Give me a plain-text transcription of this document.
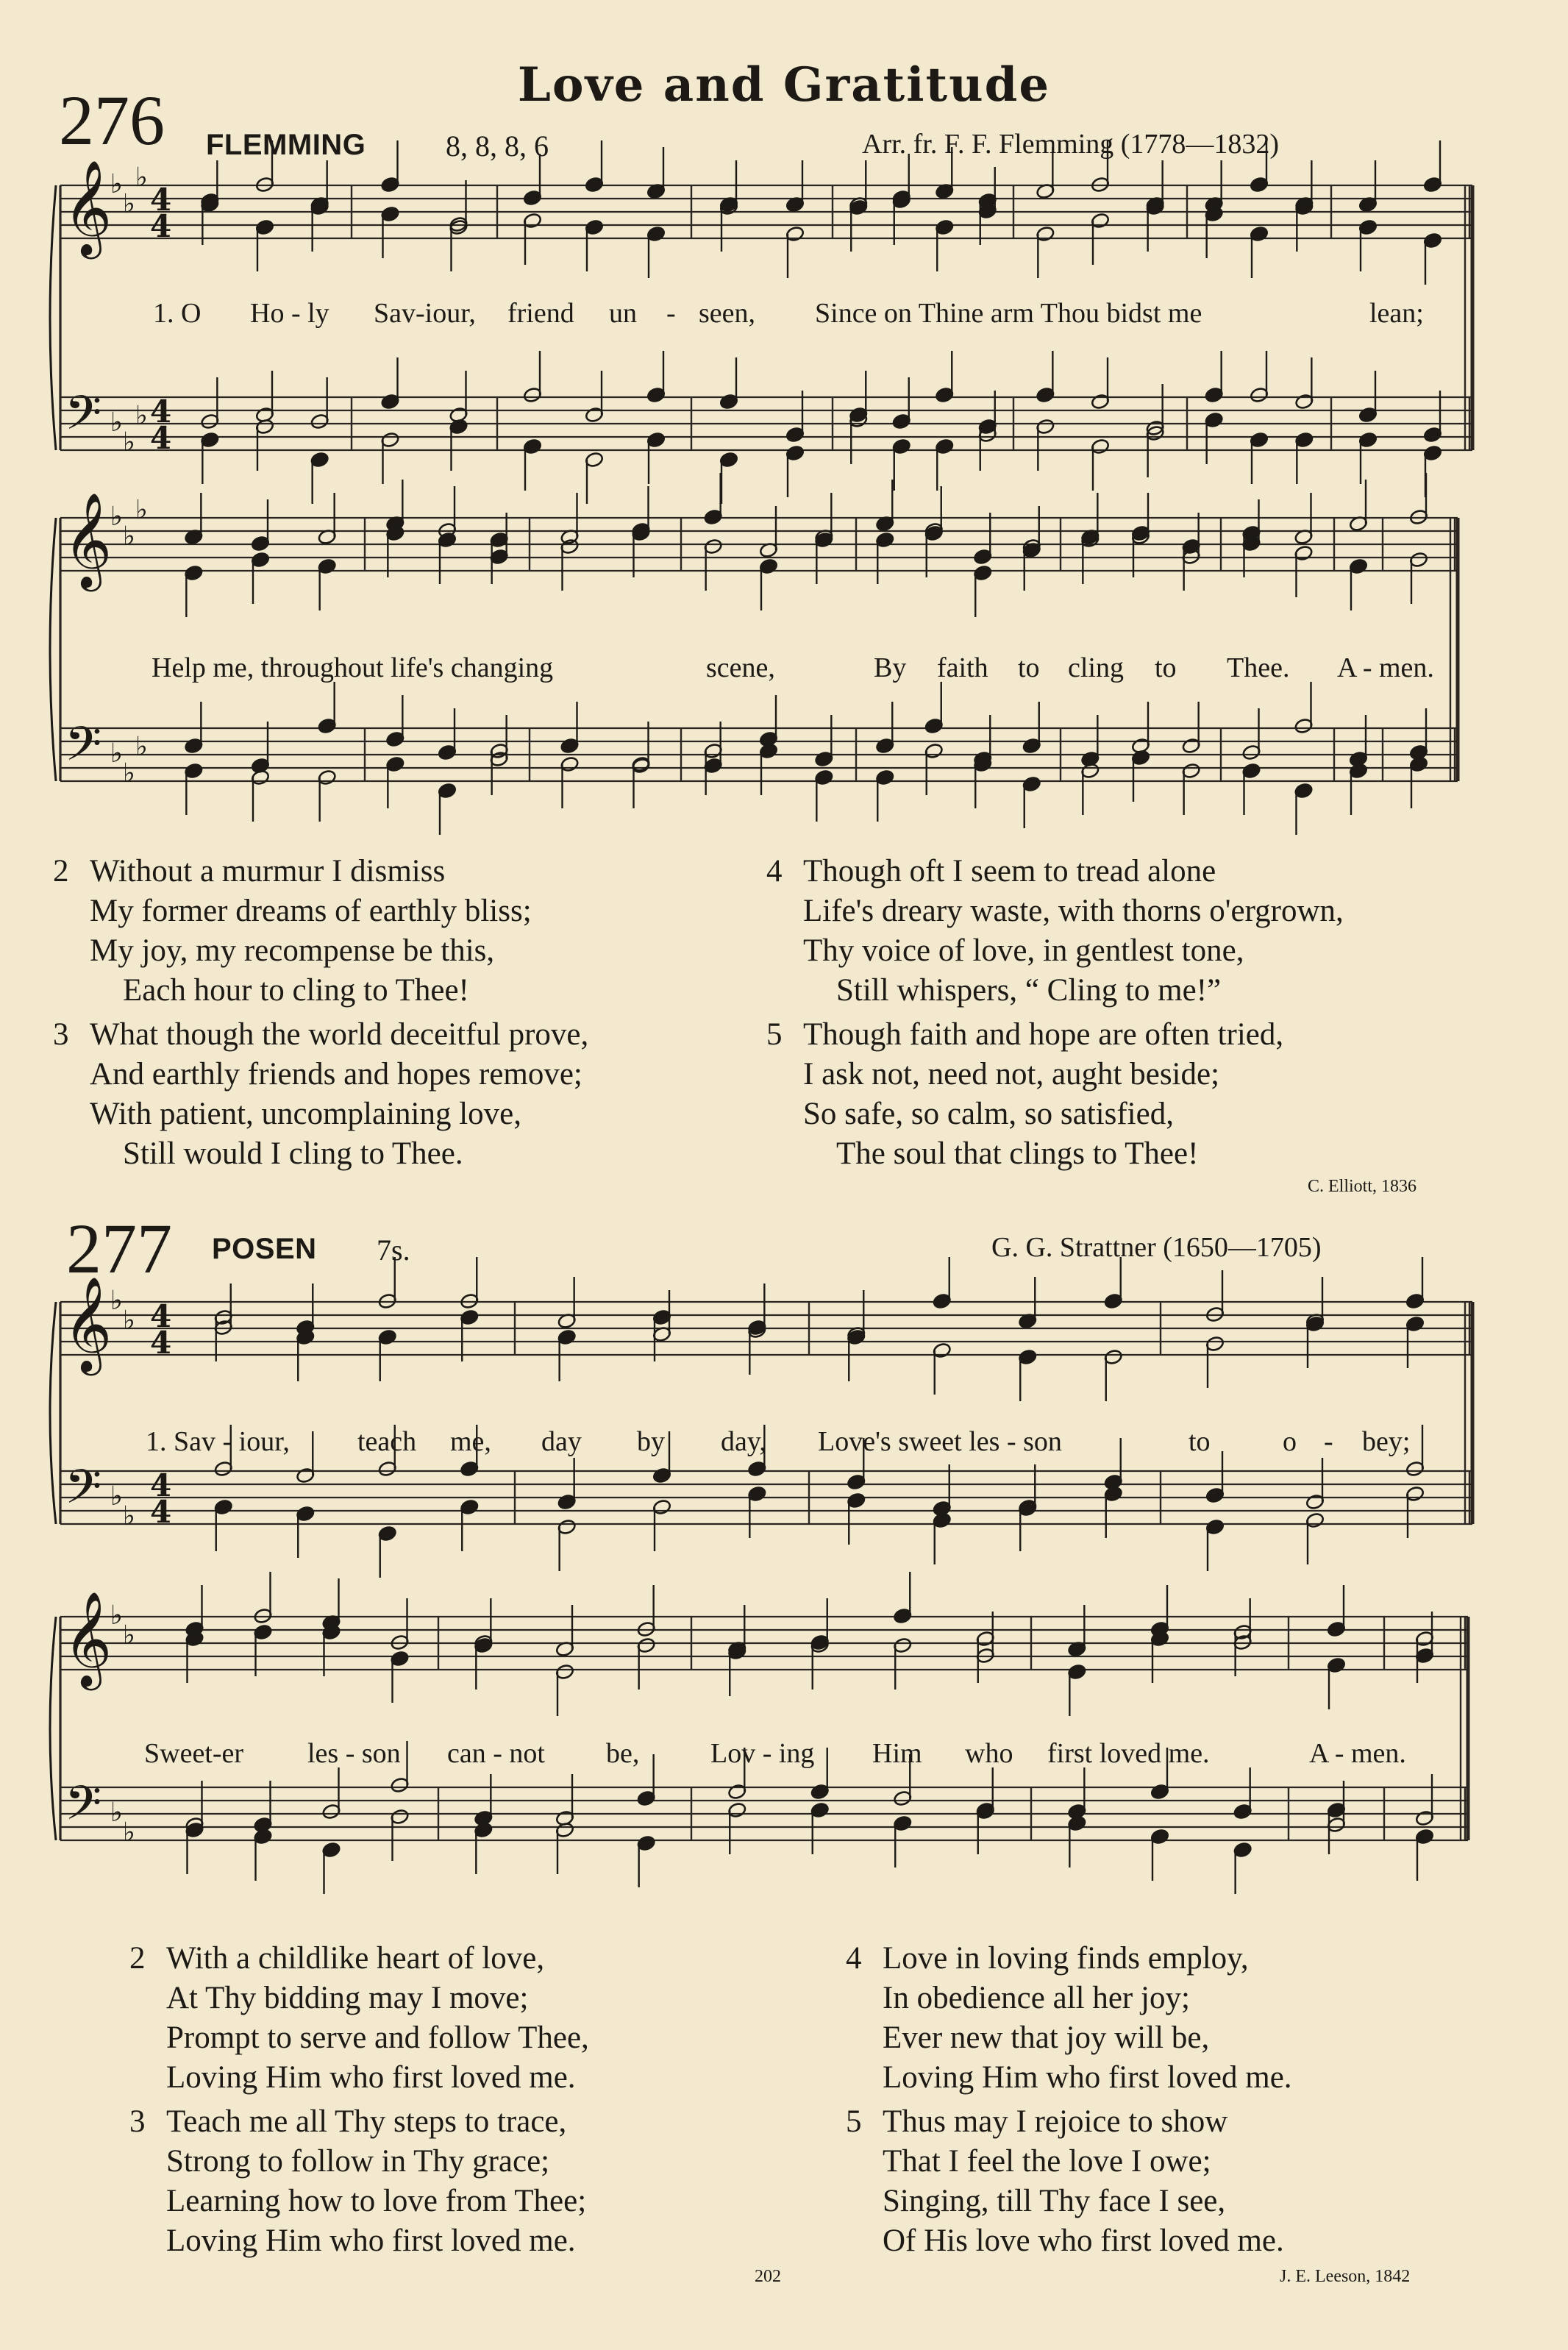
Love and Gratitude
276 FLEMMING	8, 8, 8, 6	Arr. fr. F. F. Flemming (1778—1832)
𝄞
𝄢
♭
♭
♭
♭
♭
♭
4
4
4
4
𝄞
𝄢
♭
♭
♭
♭
♭
♭
𝄞
𝄢
♭
♭
♭
♭
4
4
4
4
𝄞
𝄢
♭
♭
♭
♭
1. O Ho - ly Sav-iour, friend un - seen, Since on Thine arm Thou bidst me	lean;
Help me, throughout life's changing	scene,	By faith to cling to Thee. A - men.
2 Without a murmur I dismiss
My former dreams of earthly bliss;
My joy, my recompense be this,
Each hour to cling to Thee!
3 What though the world deceitful prove,
And earthly friends and hopes remove;
With patient, uncomplaining love,
Still would I cling to Thee.
4 Though oft I seem to tread alone
Life's dreary waste, with thorns o'ergrown,
Thy voice of love, in gentlest tone,
Still whispers, “ Cling to me!”
5 Though faith and hope are often tried,
I ask not, need not, aught beside;
So safe, so calm, so satisfied,
The soul that clings to Thee!
C. Elliott, 1836
277 POSEN 7s.	G. G. Strattner (1650—1705)
1. Sav - iour, teach me, day by day, Love's sweet les - son	to	o - bey;
Sweet-er les - son can - not be,	Lov - ing Him who first loved me.	A - men.
2 With a childlike heart of love,
At Thy bidding may I move;
Prompt to serve and follow Thee,
Loving Him who first loved me.
3 Teach me all Thy steps to trace,
Strong to follow in Thy grace;
Learning how to love from Thee;
Loving Him who first loved me.
4 Love in loving finds employ,
In obedience all her joy;
Ever new that joy will be,
Loving Him who first loved me.
5 Thus may I rejoice to show
That I feel the love I owe;
Singing, till Thy face I see,
Of His love who first loved me.
202	J. E. Leeson, 1842
